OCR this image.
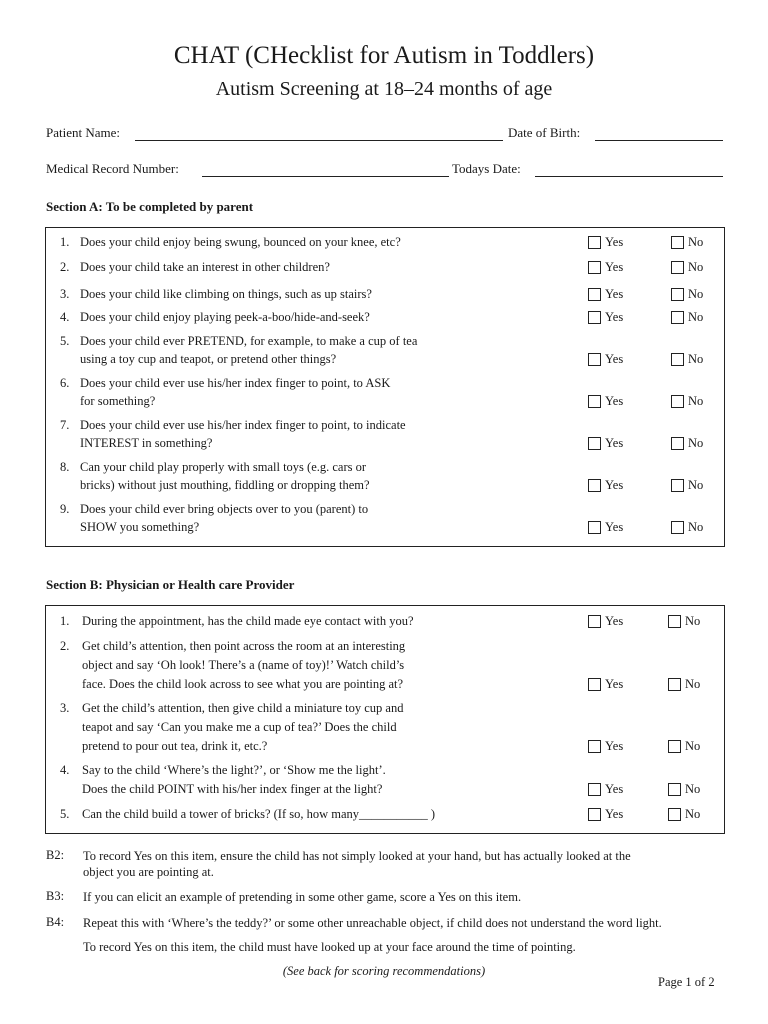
CHAT (CHecklist for Autism in Toddlers)
Autism Screening at 18–24 months of age
Patient Name:	Date of Birth:
Medical Record Number:	Todays Date:
Section A: To be completed by parent
1. Does your child enjoy being swung, bounced on your knee, etc?	Yes	No
2. Does your child take an interest in other children?	Yes	No
3. Does your child like climbing on things, such as up stairs?	Yes	No
4. Does your child enjoy playing peek-a-boo/hide-and-seek?	Yes	No
5. Does your child ever PRETEND, for example, to make a cup of tea
using a toy cup and teapot, or pretend other things?	Yes	No
6. Does your child ever use his/her index finger to point, to ASK
for something?	Yes	No
7. Does your child ever use his/her index finger to point, to indicate
INTEREST in something?	Yes	No
8. Can your child play properly with small toys (e.g. cars or
bricks) without just mouthing, fiddling or dropping them?	Yes	No
9. Does your child ever bring objects over to you (parent) to
SHOW you something?	Yes	No
Section B: Physician or Health care Provider
1. During the appointment, has the child made eye contact with you?	Yes	No
2. Get child’s attention, then point across the room at an interesting
object and say ‘Oh look! There’s a (name of toy)!’ Watch child’s
face. Does the child look across to see what you are pointing at?	Yes	No
3. Get the child’s attention, then give child a miniature toy cup and
teapot and say ‘Can you make me a cup of tea?’ Does the child
pretend to pour out tea, drink it, etc.?	Yes	No
4. Say to the child ‘Where’s the light?’, or ‘Show me the light’.
Does the child POINT with his/her index finger at the light?	Yes	No
5. Can the child build a tower of bricks? (If so, how many___________ )	Yes	No
B2: To record Yes on this item, ensure the child has not simply looked at your hand, but has actually looked at the
object you are pointing at.
B3: If you can elicit an example of pretending in some other game, score a Yes on this item.
B4: Repeat this with ‘Where’s the teddy?’ or some other unreachable object, if child does not understand the word light.
To record Yes on this item, the child must have looked up at your face around the time of pointing.
(See back for scoring recommendations)
Page 1 of 2
